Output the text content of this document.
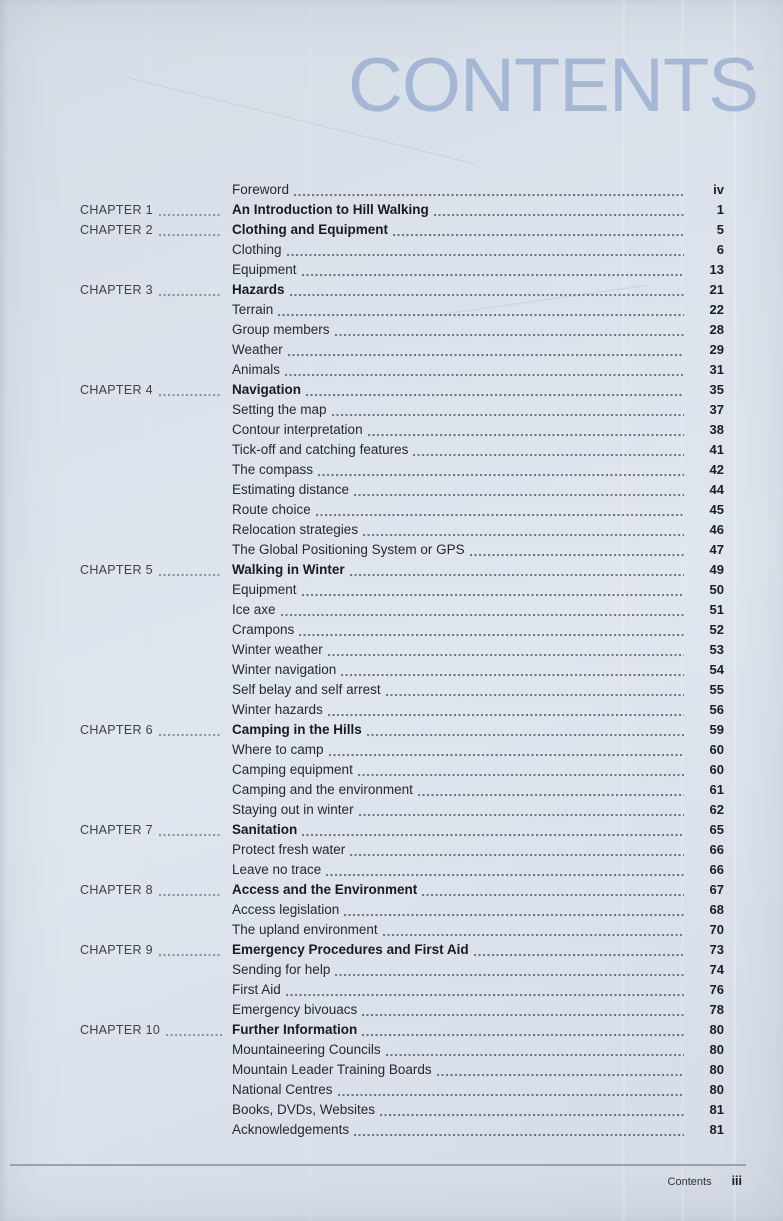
CONTENTS
Foreword	iv
CHAPTER 1	An Introduction to Hill Walking	1
CHAPTER 2	Clothing and Equipment	5
Clothing	6
Equipment	13
CHAPTER 3	Hazards	21
Terrain	22
Group members	28
Weather	29
Animals	31
CHAPTER 4	Navigation	35
Setting the map	37
Contour interpretation	38
Tick-off and catching features	41
The compass	42
Estimating distance	44
Route choice	45
Relocation strategies	46
The Global Positioning System or GPS	47
CHAPTER 5	Walking in Winter	49
Equipment	50
Ice axe	51
Crampons	52
Winter weather	53
Winter navigation	54
Self belay and self arrest	55
Winter hazards	56
CHAPTER 6	Camping in the Hills	59
Where to camp	60
Camping equipment	60
Camping and the environment	61
Staying out in winter	62
CHAPTER 7	Sanitation	65
Protect fresh water	66
Leave no trace	66
CHAPTER 8	Access and the Environment	67
Access legislation	68
The upland environment	70
CHAPTER 9	Emergency Procedures and First Aid	73
Sending for help	74
First Aid	76
Emergency bivouacs	78
CHAPTER 10	Further Information	80
Mountaineering Councils	80
Mountain Leader Training Boards	80
National Centres	80
Books, DVDs, Websites	81
Acknowledgements	81
Contents iii
